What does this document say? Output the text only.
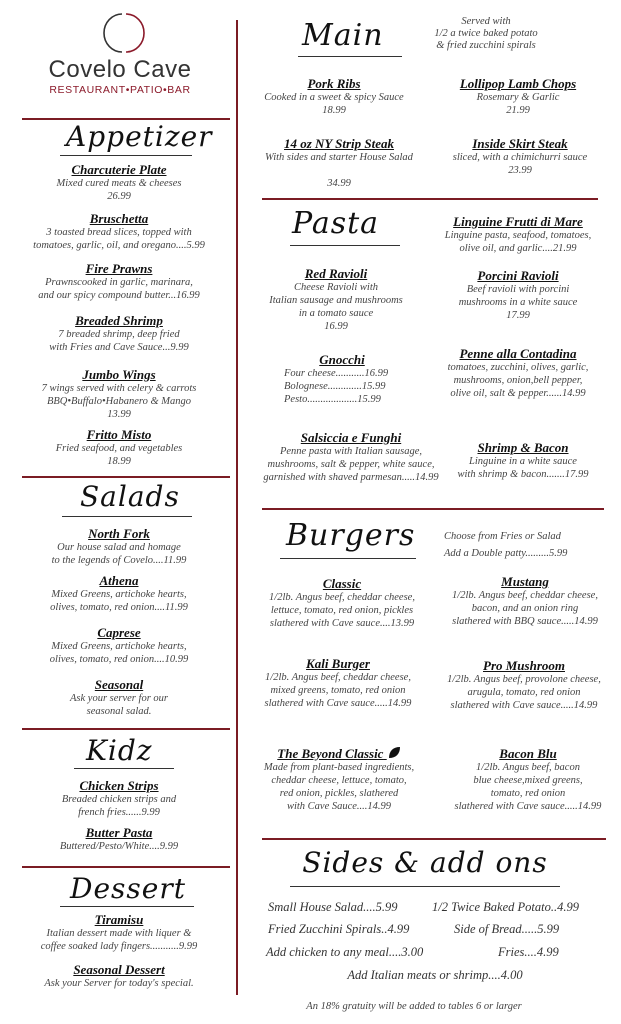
Covelo Cave
RESTAURANT•PATIO•BAR
Appetizer
Charcuterie Plate
Mixed cured meats & cheeses
26.99
Bruschetta
3 toasted bread slices, topped with
tomatoes, garlic, oil, and oregano....5.99
Fire Prawns
Prawnscooked in garlic, marinara,
and our spicy compound butter...16.99
Breaded Shrimp
7 breaded shrimp, deep fried
with Fries and Cave Sauce...9.99
Jumbo Wings
7 wings served with celery & carrots
BBQ•Buffalo•Habanero & Mango
13.99
Fritto Misto
Fried seafood, and vegetables
18.99
Salads
North Fork
Our house salad and homage
to the legends of Covelo....11.99
Athena
Mixed Greens, artichoke hearts,
olives, tomato, red onion....11.99
Caprese
Mixed Greens, artichoke hearts,
olives, tomato, red onion....10.99
Seasonal
Ask your server for our
seasonal salad.
Kidz
Chicken Strips
Breaded chicken strips and
french fries......9.99
Butter Pasta
Buttered/Pesto/White....9.99
Dessert
Tiramisu
Italian dessert made with liquer &
coffee soaked lady fingers...........9.99
Seasonal Dessert
Ask your Server for today's special.
Main	Served with
1/2 a twice baked potato
& fried zucchini spirals
Pork Ribs
Cooked in a sweet & spicy Sauce
18.99
Lollipop Lamb Chops
Rosemary & Garlic
21.99
14 oz NY Strip Steak
With sides and starter House Salad

34.99
Inside Skirt Steak
sliced, with a chimichurri sauce
23.99
Pasta	Linguine Frutti di Mare
Linguine pasta, seafood, tomatoes,
olive oil, and garlic....21.99
Red Ravioli
Cheese Ravioli with
Italian sausage and mushrooms
in a tomato sauce
16.99
Porcini Ravioli
Beef ravioli with porcini
mushrooms in a white sauce
17.99
Gnocchi
Four cheese...........16.99
Bolognese.............15.99
Pesto...................15.99
Penne alla Contadina
tomatoes, zucchini, olives, garlic,
mushrooms, onion,bell pepper,
olive oil, salt & pepper......14.99
Salsiccia e Funghi
Penne pasta with Italian sausage,
mushrooms, salt & pepper, white sauce,
garnished with shaved parmesan.....14.99
Shrimp & Bacon
Linguine in a white sauce
with shrimp & bacon.......17.99
Burgers	Choose from Fries or Salad
Add a Double patty.........5.99
Classic
1/2lb. Angus beef, cheddar cheese,
lettuce, tomato, red onion, pickles
slathered with Cave sauce....13.99
Mustang
1/2lb. Angus beef, cheddar cheese,
bacon, and an onion ring
slathered with BBQ sauce.....14.99
Kali Burger
1/2lb. Angus beef, cheddar cheese,
mixed greens, tomato, red onion
slathered with Cave sauce.....14.99
Pro Mushroom
1/2lb. Angus beef, provolone cheese,
arugula, tomato, red onion
slathered with Cave sauce.....14.99
The Beyond Classic
Made from plant-based ingredients,
cheddar cheese, lettuce, tomato,
red onion, pickles, slathered
with Cave Sauce....14.99
Bacon Blu
1/2lb. Angus beef, bacon
blue cheese,mixed greens,
tomato, red onion
slathered with Cave sauce.....14.99
Sides & add ons
Small House Salad....5.99	1/2 Twice Baked Potato..4.99
Fried Zucchini Spirals..4.99	Side of Bread.....5.99
Add chicken to any meal....3.00	Fries....4.99
Add Italian meats or shrimp....4.00
An 18% gratuity will be added to tables 6 or larger
